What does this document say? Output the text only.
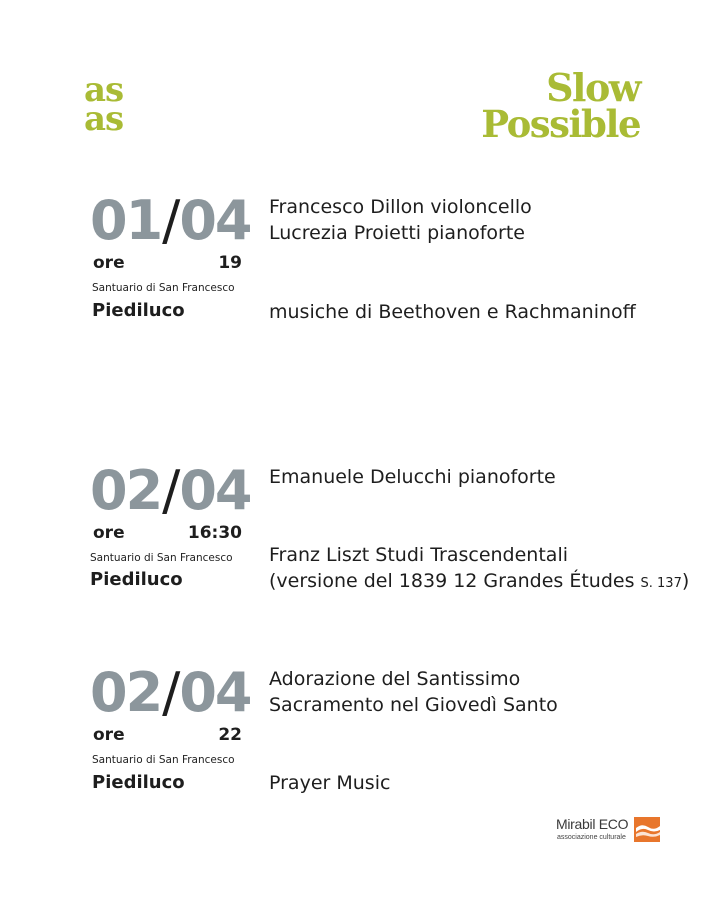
as
as
Slow
Possible
01/04
ore	19
Santuario di San Francesco
Piediluco
Francesco Dillon violoncello
Lucrezia Proietti pianoforte
musiche di Beethoven e Rachmaninoff
02/04
ore	16:30
Santuario di San Francesco
Piediluco
Emanuele Delucchi pianoforte
Franz Liszt Studi Trascendentali
(versione del 1839 12 Grandes Études S. 137)
02/04
ore	22
Santuario di San Francesco
Piediluco
Adorazione del Santissimo
Sacramento nel Giovedì Santo
Prayer Music
Mirabil ECO
associazione culturale
